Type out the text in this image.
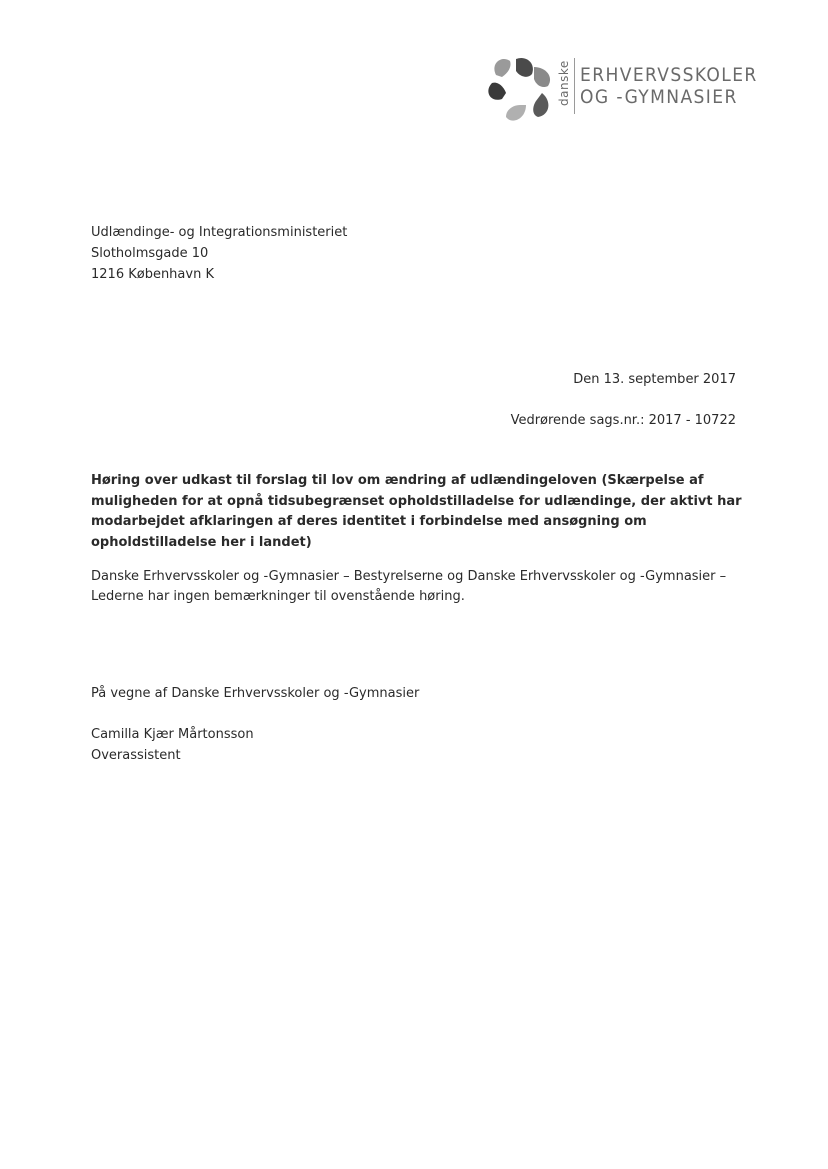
danske ERHVERVSSKOLER
OG -GYMNASIER
Udlændinge- og Integrationsministeriet
Slotholmsgade 10
1216 København K
Den 13. september 2017
Vedrørende sags.nr.: 2017 - 10722
Høring over udkast til forslag til lov om ændring af udlændingeloven (Skærpelse af muligheden for at opnå tidsubegrænset opholdstilladelse for udlændinge, der aktivt har modarbejdet afklaringen af deres identitet i forbindelse med ansøgning om opholdstilladelse her i landet)
Danske Erhvervsskoler og -Gymnasier – Bestyrelserne og Danske Erhvervsskoler og -Gymnasier – Lederne har ingen bemærkninger til ovenstående høring.
På vegne af Danske Erhvervsskoler og -Gymnasier
Camilla Kjær Mårtonsson
Overassistent
